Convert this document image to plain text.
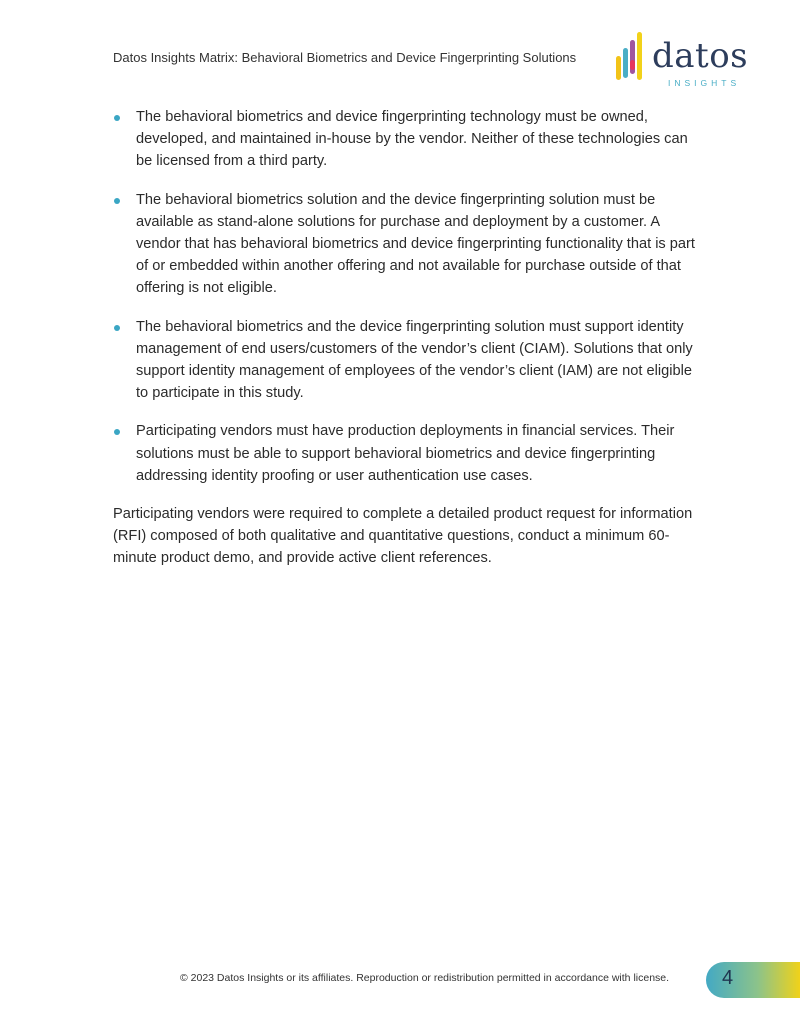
Datos Insights Matrix: Behavioral Biometrics and Device Fingerprinting Solutions datos
INSIGHTS
The behavioral biometrics and device fingerprinting technology must be owned, developed, and maintained in-house by the vendor. Neither of these technologies can be licensed from a third party.
The behavioral biometrics solution and the device fingerprinting solution must be available as stand-alone solutions for purchase and deployment by a customer. A vendor that has behavioral biometrics and device fingerprinting functionality that is part of or embedded within another offering and not available for purchase outside of that offering is not eligible.
The behavioral biometrics and the device fingerprinting solution must support identity management of end users/customers of the vendor’s client (CIAM). Solutions that only support identity management of employees of the vendor’s client (IAM) are not eligible to participate in this study.
Participating vendors must have production deployments in financial services. Their solutions must be able to support behavioral biometrics and device fingerprinting addressing identity proofing or user authentication use cases.

Participating vendors were required to complete a detailed product request for information (RFI) composed of both qualitative and quantitative questions, conduct a minimum 60-minute product demo, and provide active client references.

© 2023 Datos Insights or its affiliates. Reproduction or redistribution permitted in accordance with license.	4
